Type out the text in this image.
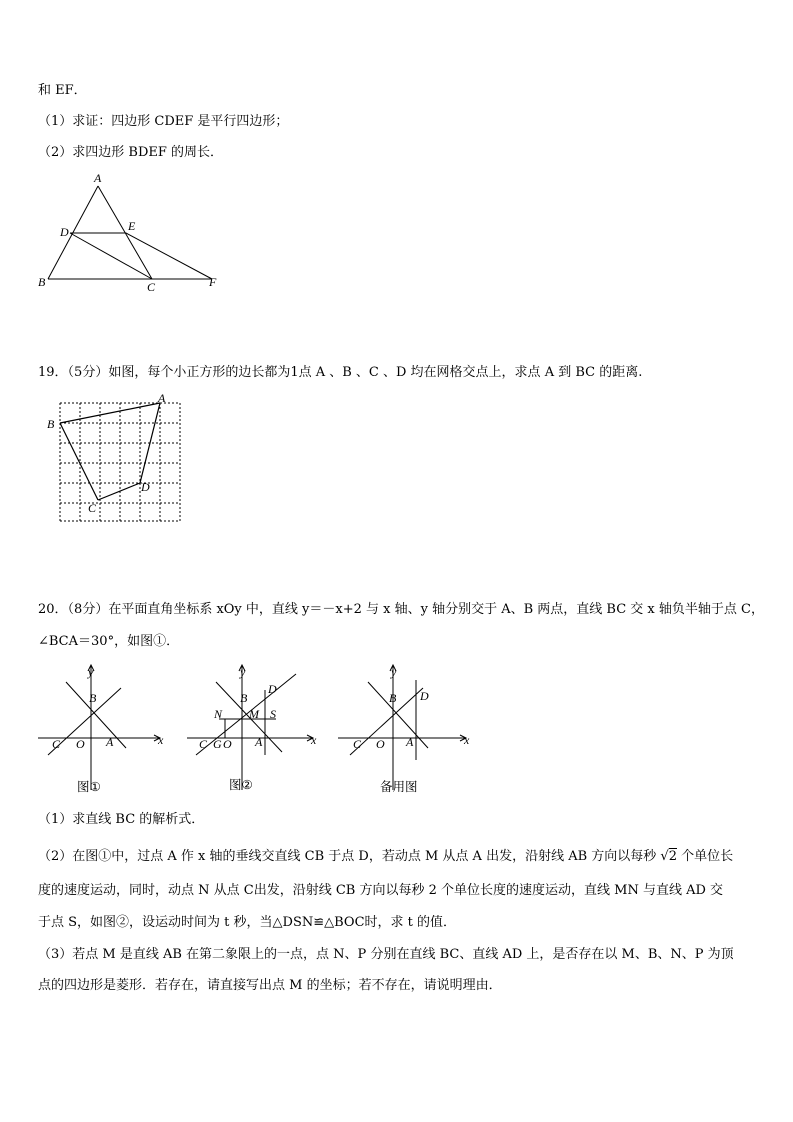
和 EF．
（1）求证：四边形 CDEF 是平行四边形；
（2）求四边形 BDEF 的周长．
A
D	E
B	C	F
19．（5分）如图，每个小正方形的边长都为1点 A 、B 、C 、D 均在网格交点上，求点 A 到 BC 的距离.
A
B
C
D
20．（8分）在平面直角坐标系 xOy 中，直线 y＝－x+2 与 x 轴、y 轴分别交于 A、B 两点，直线 BC 交 x 轴负半轴于点 C，
∠BCA＝30°，如图①．
y
x
B
C O A
y
x
B
D
N M S
C G O A
y
x
B D
C O A
图①	图②	备用图
（1）求直线 BC 的解析式．
（2）在图①中，过点 A 作 x 轴的垂线交直线 CB 于点 D，若动点 M 从点 A 出发，沿射线 AB 方向以每秒 √2 个单位长
度的速度运动，同时，动点 N 从点 C出发，沿射线 CB 方向以每秒 2 个单位长度的速度运动，直线 MN 与直线 AD 交
于点 S，如图②，设运动时间为 t 秒，当△DSN≌△BOC时，求 t 的值．
（3）若点 M 是直线 AB 在第二象限上的一点，点 N、P 分别在直线 BC、直线 AD 上，是否存在以 M、B、N、P 为顶
点的四边形是菱形．若存在，请直接写出点 M 的坐标；若不存在，请说明理由．
